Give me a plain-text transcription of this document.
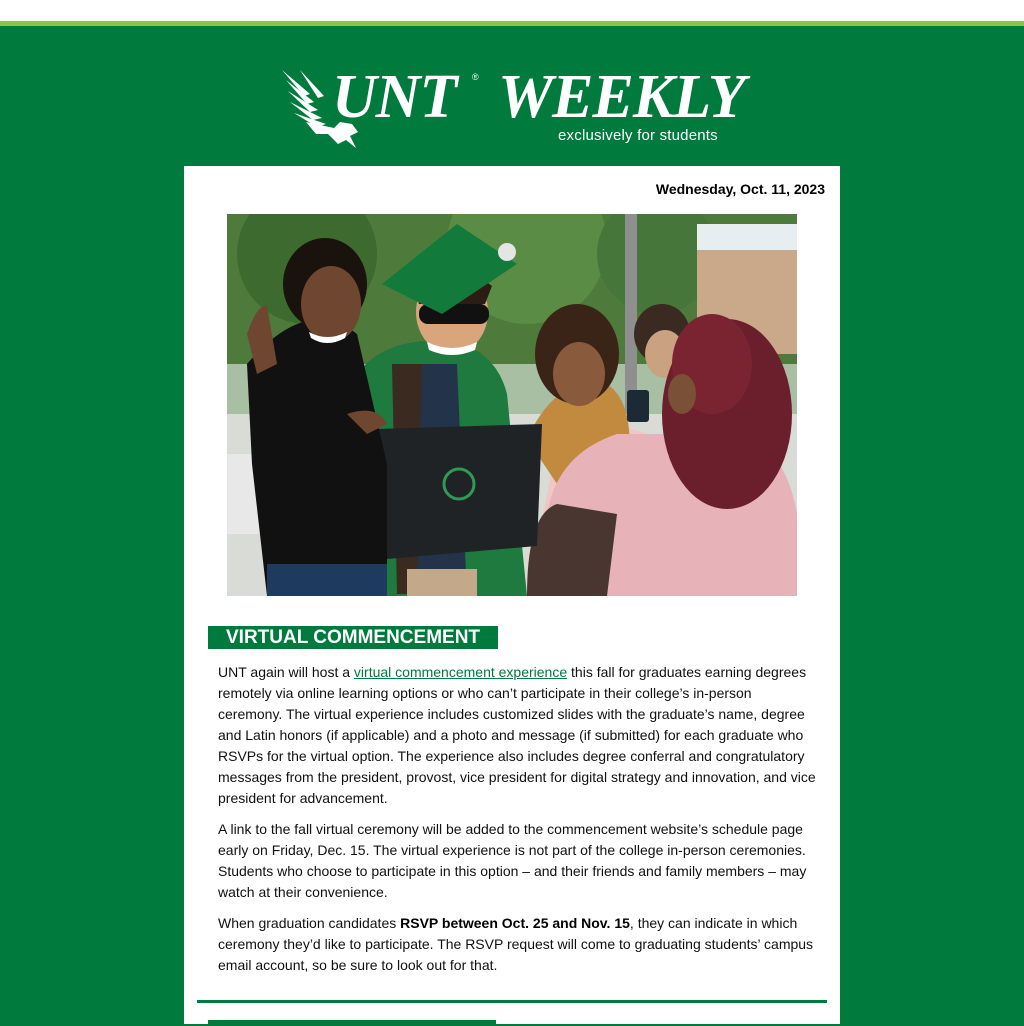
UNT ® WEEKLY
exclusively for students
Wednesday, Oct. 11, 2023
VIRTUAL COMMENCEMENT

UNT again will host a virtual commencement experience this fall for graduates earning degrees remotely via online learning options or who can’t participate in their college’s in-person ceremony. The virtual experience includes customized slides with the graduate’s name, degree and Latin honors (if applicable) and a photo and message (if submitted) for each graduate who RSVPs for the virtual option. The experience also includes degree conferral and congratulatory messages from the president, provost, vice president for digital strategy and innovation, and vice president for advancement.

A link to the fall virtual ceremony will be added to the commencement website’s schedule page early on Friday, Dec. 15. The virtual experience is not part of the college in-person ceremonies. Students who choose to participate in this option – and their friends and family members – may watch at their convenience.

When graduation candidates RSVP between Oct. 25 and Nov. 15, they can indicate in which ceremony they’d like to participate. The RSVP request will come to graduating students’ campus email account, so be sure to look out for that.
